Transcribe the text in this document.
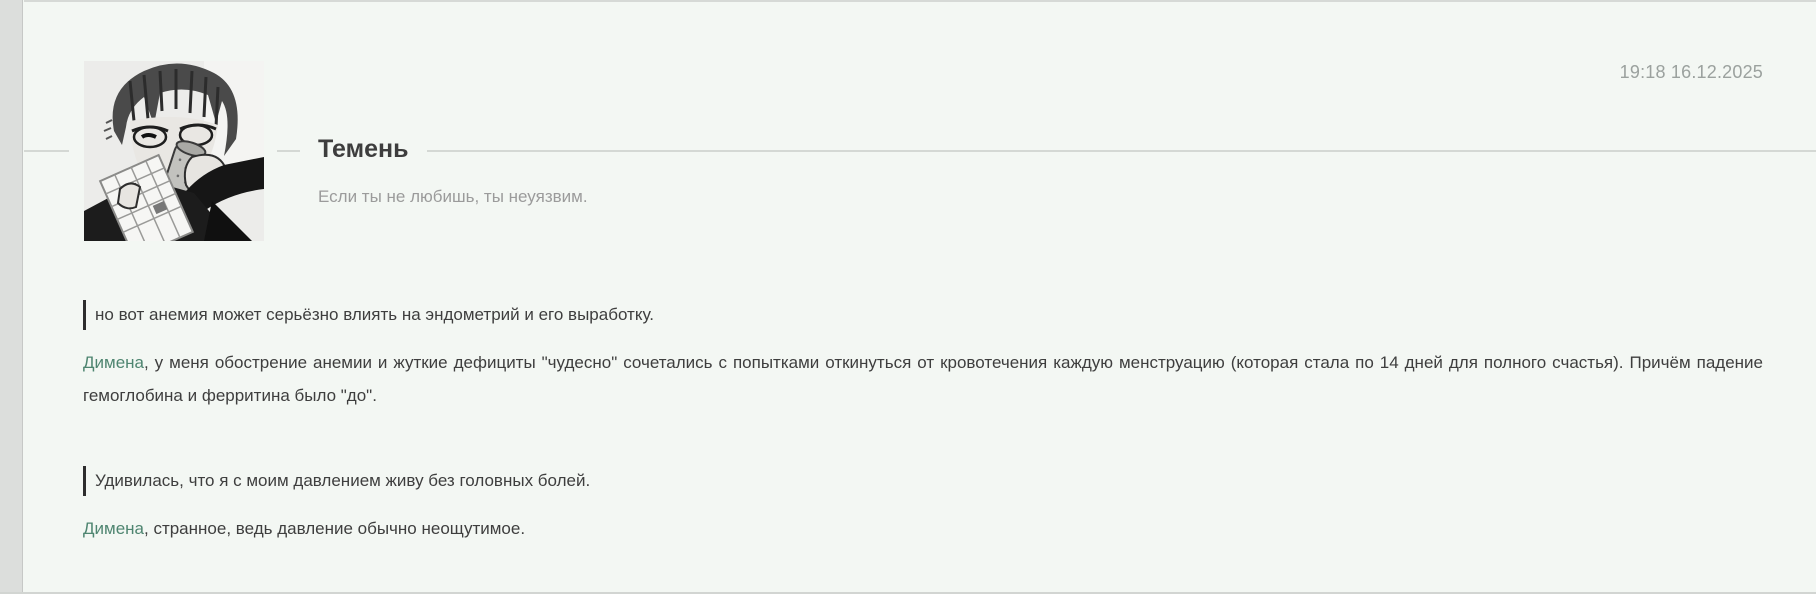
19:18 16.12.2025
Темень
Если ты не любишь, ты неуязвим.
но вот анемия может серьёзно влиять на эндометрий и его выработку.

Димена, у меня обострение анемии и жуткие дефициты "чудесно" сочетались с попытками откинуться от кровотечения каждую менструацию (которая стала по 14 дней для полного счастья). Причём падение гемоглобина и ферритина было "до".

Удивилась, что я с моим давлением живу без головных болей.

Димена, странное, ведь давление обычно неощутимое.
